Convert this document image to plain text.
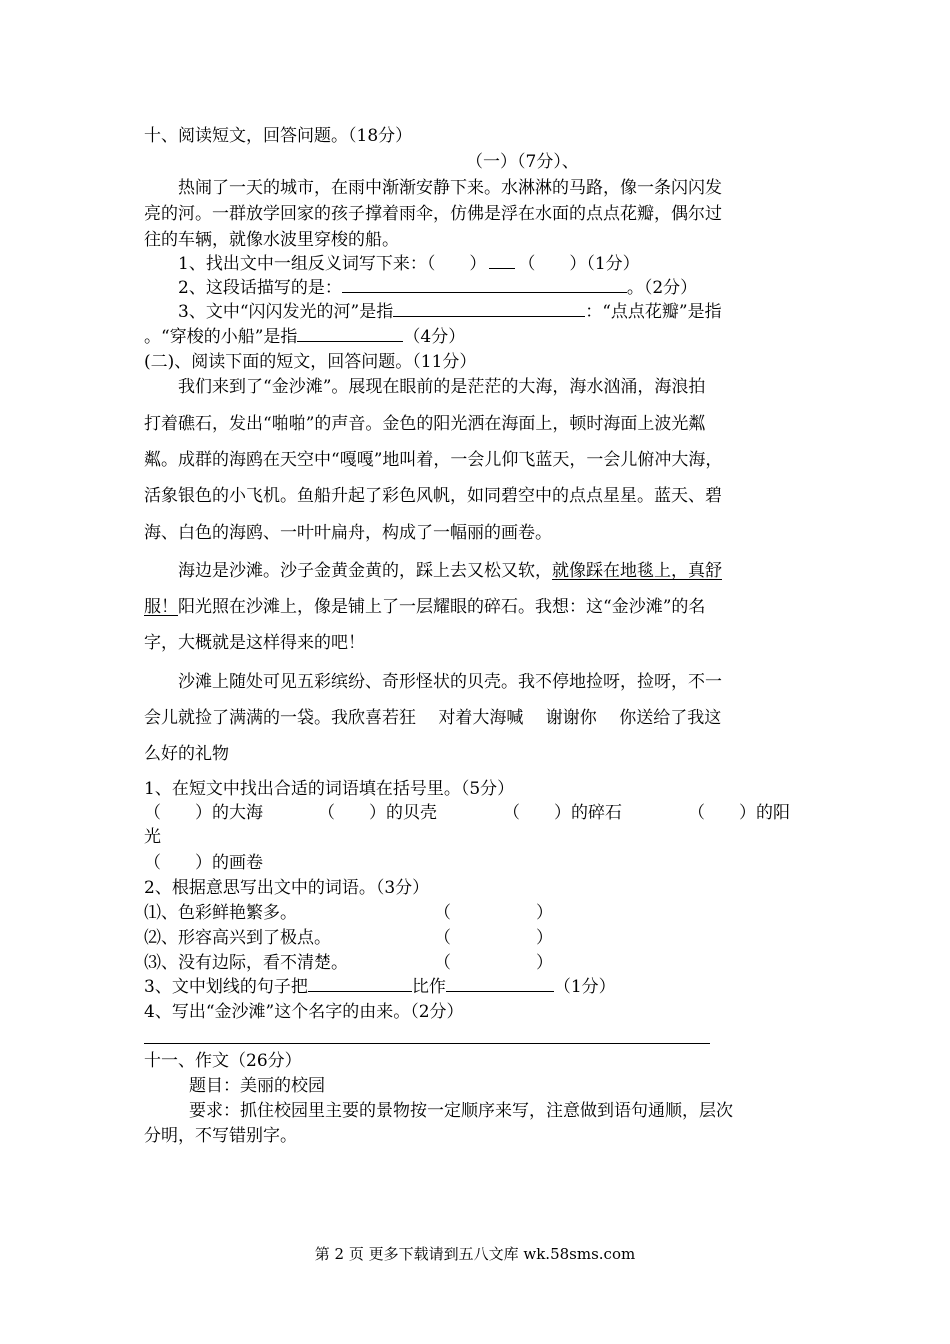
十、阅读短文，回答问题。（18分）
（一）（7分）、
热闹了一天的城市，在雨中渐渐安静下来。水淋淋的马路，像一条闪闪发
亮的河。一群放学回家的孩子撑着雨伞，仿佛是浮在水面的点点花瓣，偶尔过
往的车辆，就像水波里穿梭的船。
1、找出文中一组反义词写下来：（　　） （　　）（1分）
2、这段话描写的是：	。（2分）
3、文中“闪闪发光的河”是指	：“点点花瓣”是指
。“穿梭的小船”是指	（4分）
(二)、阅读下面的短文，回答问题。（11分）
我们来到了“金沙滩”。展现在眼前的是茫茫的大海，海水汹涌，海浪拍
打着礁石，发出“啪啪”的声音。金色的阳光洒在海面上，顿时海面上波光粼
粼。成群的海鸥在天空中“嘎嘎”地叫着，一会儿仰飞蓝天，一会儿俯冲大海，
活象银色的小飞机。鱼船升起了彩色风帆，如同碧空中的点点星星。蓝天、碧
海、白色的海鸥、一叶叶扁舟，构成了一幅丽的画卷。
海边是沙滩。沙子金黄金黄的，踩上去又松又软，就像踩在地毯上，真舒
服！阳光照在沙滩上，像是铺上了一层耀眼的碎石。我想：这“金沙滩”的名
字，大概就是这样得来的吧！
沙滩上随处可见五彩缤纷、奇形怪状的贝壳。我不停地捡呀，捡呀，不一
会儿就捡了满满的一袋。我欣喜若狂　 对着大海喊　 谢谢你　 你送给了我这
么好的礼物
1、在短文中找出合适的词语填在括号里。（5分）
（　　）的大海	（　　）的贝壳	（　　）的碎石	（　　）的阳
光
（　　）的画卷
2、根据意思写出文中的词语。（3分）
⑴、色彩鲜艳繁多。	（　　　　　）
⑵、形容高兴到了极点。	（　　　　　）
⑶、没有边际，看不清楚。	（　　　　　）
3、文中划线的句子把	比作	（1分）
4、写出“金沙滩”这个名字的由来。（2分）
十一、作文（26分）
题目：美丽的校园
要求：抓住校园里主要的景物按一定顺序来写，注意做到语句通顺，层次
分明，不写错别字。
第 2 页 更多下载请到五八文库 wk.58sms.com
